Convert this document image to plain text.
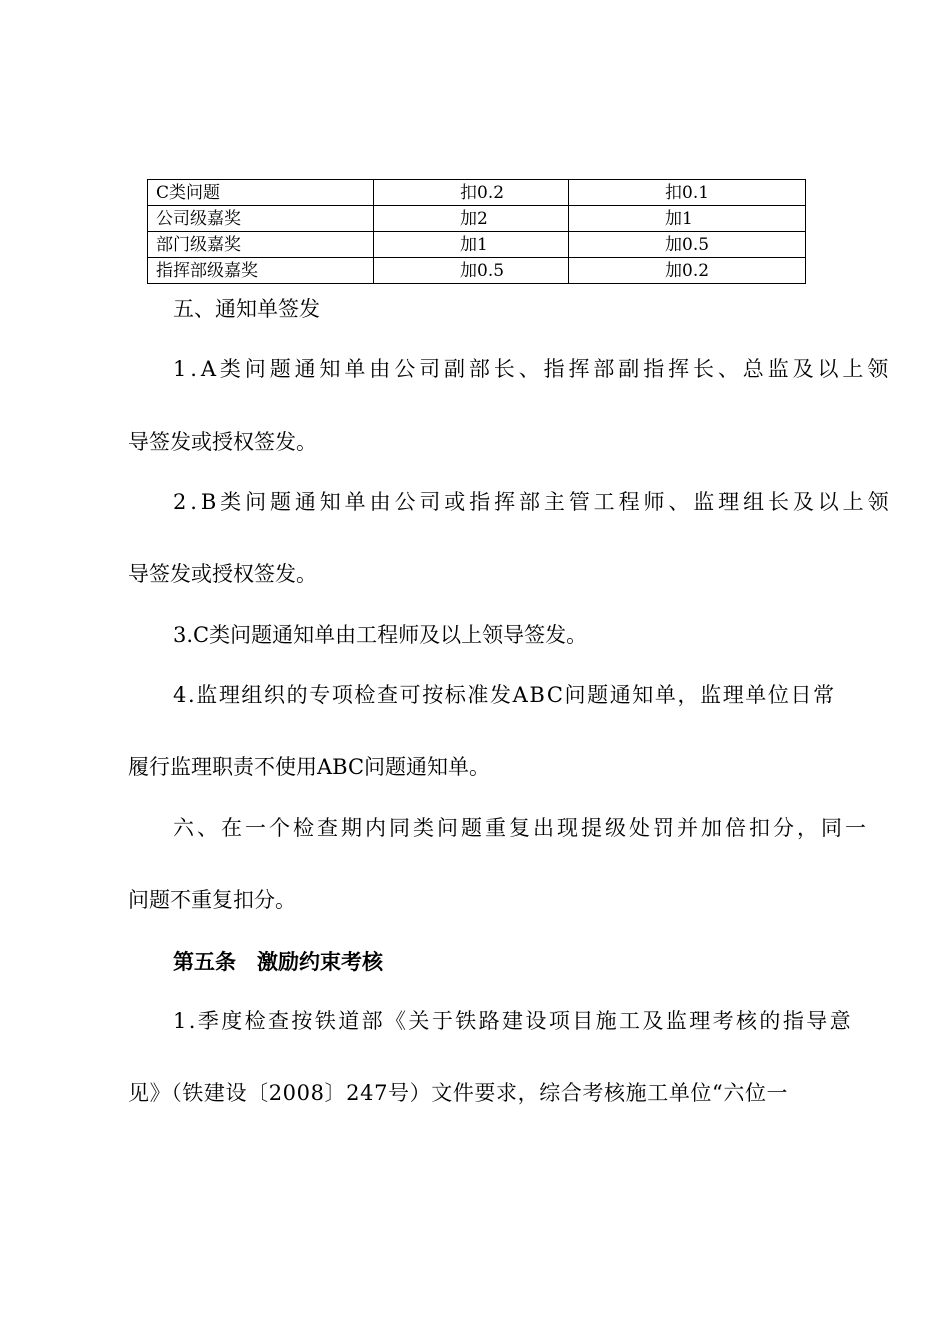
C类问题	扣0.2	扣0.1
公司级嘉奖	加2	加1
部门级嘉奖	加1	加0.5
指挥部级嘉奖	加0.5	加0.2
五、通知单签发
1.A类问题通知单由公司副部长、指挥部副指挥长、总监及以上领
导签发或授权签发。
2.B类问题通知单由公司或指挥部主管工程师、监理组长及以上领
导签发或授权签发。
3.C类问题通知单由工程师及以上领导签发。
4.监理组织的专项检查可按标准发ABC问题通知单，监理单位日常
履行监理职责不使用ABC问题通知单。
六、在一个检查期内同类问题重复出现提级处罚并加倍扣分，同一
问题不重复扣分。
第五条　激励约束考核
1.季度检查按铁道部《关于铁路建设项目施工及监理考核的指导意
见》（铁建设〔2008〕247号）文件要求，综合考核施工单位“六位一
